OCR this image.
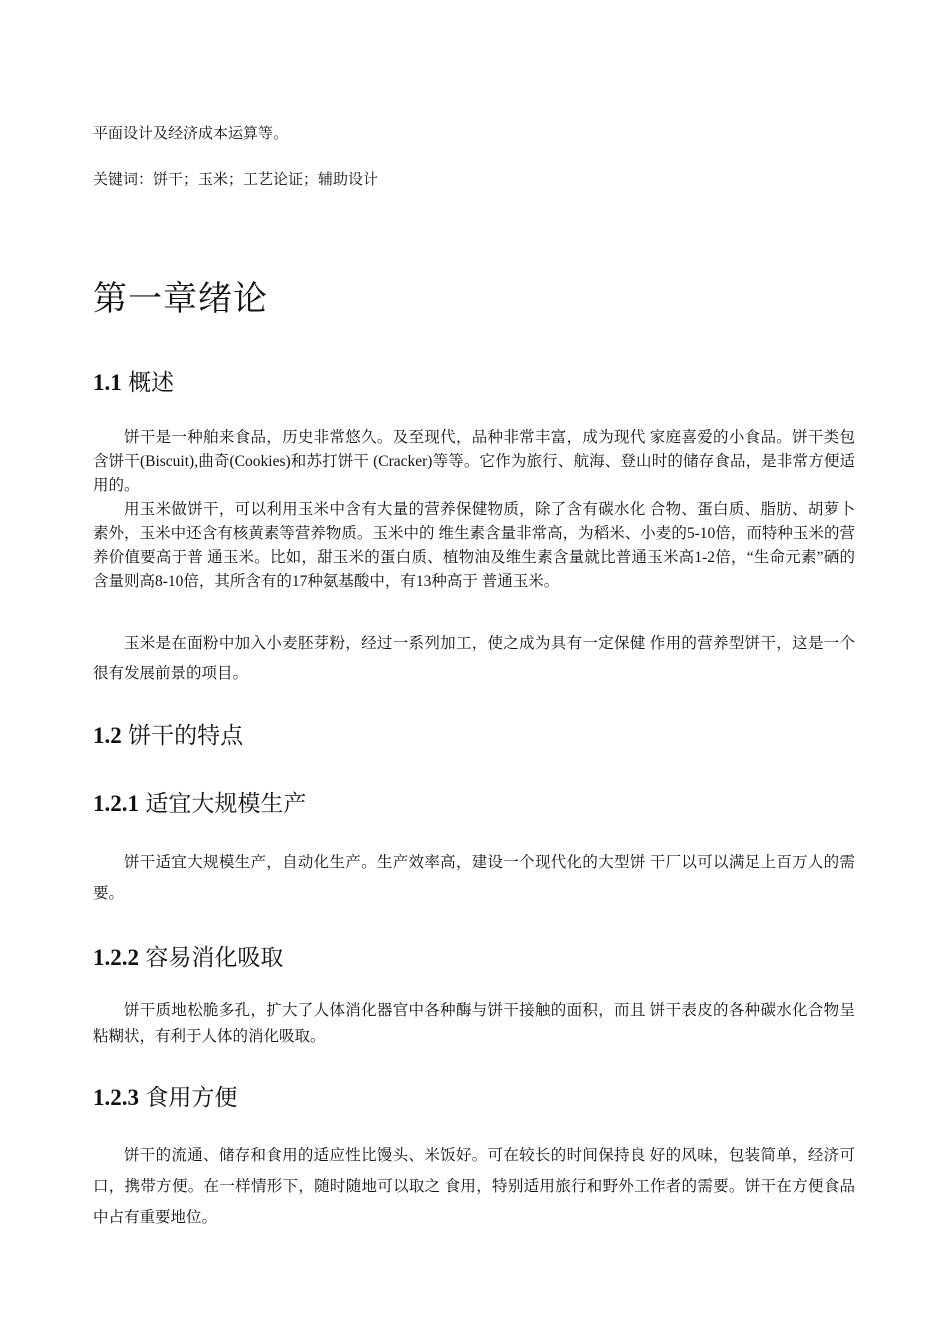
平面设计及经济成本运算等。

关键词：饼干；玉米；工艺论证；辅助设计

第一章绪论
1.1 概述

饼干是一种舶来食品，历史非常悠久。及至现代，品种非常丰富，成为现代 家庭喜爱的小食品。饼干类包含饼干(Biscuit),曲奇(Cookies)和苏打饼干 (Cracker)等等。它作为旅行、航海、登山时的储存食品，是非常方便适用的。

用玉米做饼干，可以利用玉米中含有大量的营养保健物质，除了含有碳水化 合物、蛋白质、脂肪、胡萝卜素外，玉米中还含有核黄素等营养物质。玉米中的 维生素含量非常高，为稻米、小麦的5-10倍，而特种玉米的营养价值要高于普 通玉米。比如，甜玉米的蛋白质、植物油及维生素含量就比普通玉米高1-2倍，“生命元素”硒的含量则高8-10倍，其所含有的17种氨基酸中，有13种高于 普通玉米。

玉米是在面粉中加入小麦胚芽粉，经过一系列加工，使之成为具有一定保健 作用的营养型饼干，这是一个很有发展前景的项目。

1.2 饼干的特点
1.2.1 适宜大规模生产

饼干适宜大规模生产，自动化生产。生产效率高，建设一个现代化的大型饼 干厂以可以满足上百万人的需要。

1.2.2 容易消化吸取

饼干质地松脆多孔，扩大了人体消化器官中各种酶与饼干接触的面积，而且 饼干表皮的各种碳水化合物呈粘糊状，有利于人体的消化吸取。

1.2.3 食用方便

饼干的流通、储存和食用的适应性比馒头、米饭好。可在较长的时间保持良 好的风味，包装简单，经济可口，携带方便。在一样情形下，随时随地可以取之 食用，特别适用旅行和野外工作者的需要。饼干在方便食品中占有重要地位。
